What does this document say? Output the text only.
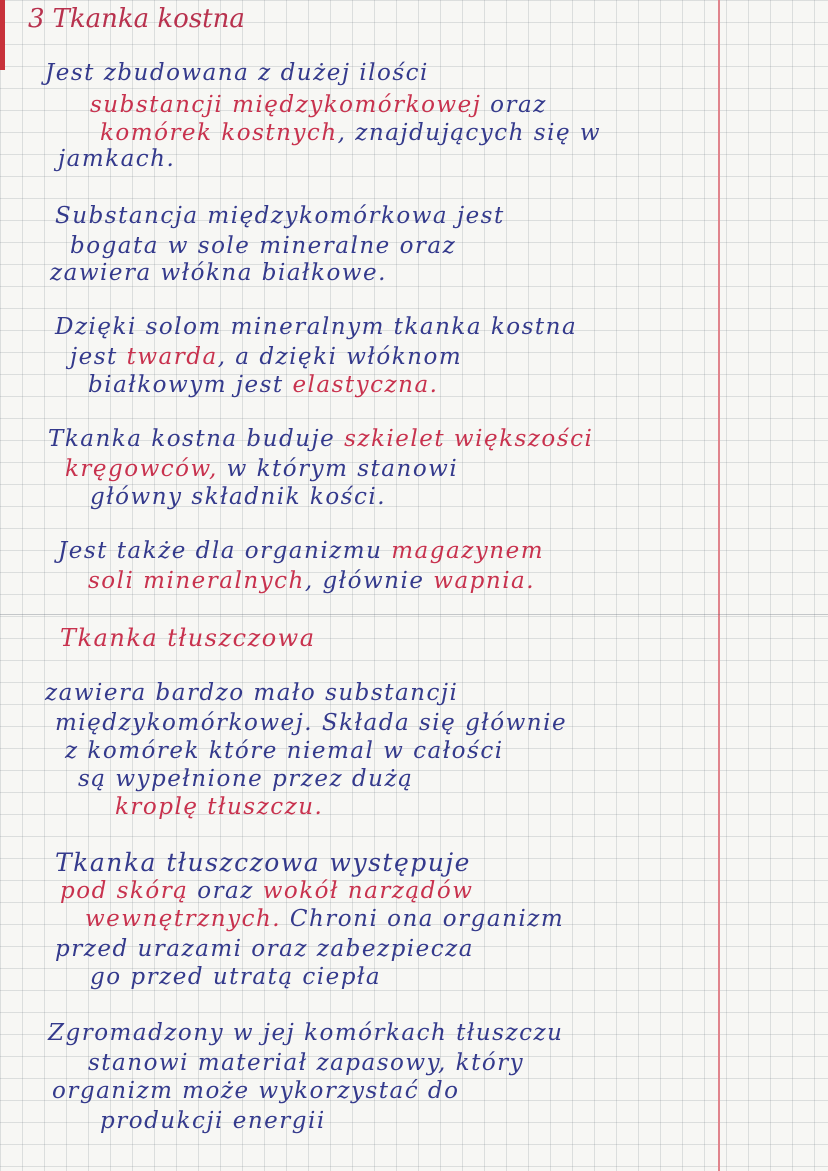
3 Tkanka kostna
Jest zbudowana z dużej ilości
substancji międzykomórkowej oraz
komórek kostnych, znajdujących się w
jamkach.
Substancja międzykomórkowa jest
bogata w sole mineralne oraz
zawiera włókna białkowe.
Dzięki solom mineralnym tkanka kostna
jest twarda, a dzięki włóknom
białkowym jest elastyczna.
Tkanka kostna buduje szkielet większości
kręgowców, w którym stanowi
główny składnik kości.
Jest także dla organizmu magazynem
soli mineralnych, głównie wapnia.
Tkanka tłuszczowa
zawiera bardzo mało substancji
międzykomórkowej. Składa się głównie
z komórek które niemal w całości
są wypełnione przez dużą
kroplę tłuszczu.
Tkanka tłuszczowa występuje
pod skórą oraz wokół narządów
wewnętrznych. Chroni ona organizm
przed urazami oraz zabezpiecza
go przed utratą ciepła
Zgromadzony w jej komórkach tłuszczu
stanowi materiał zapasowy, który
organizm może wykorzystać do
produkcji energii
